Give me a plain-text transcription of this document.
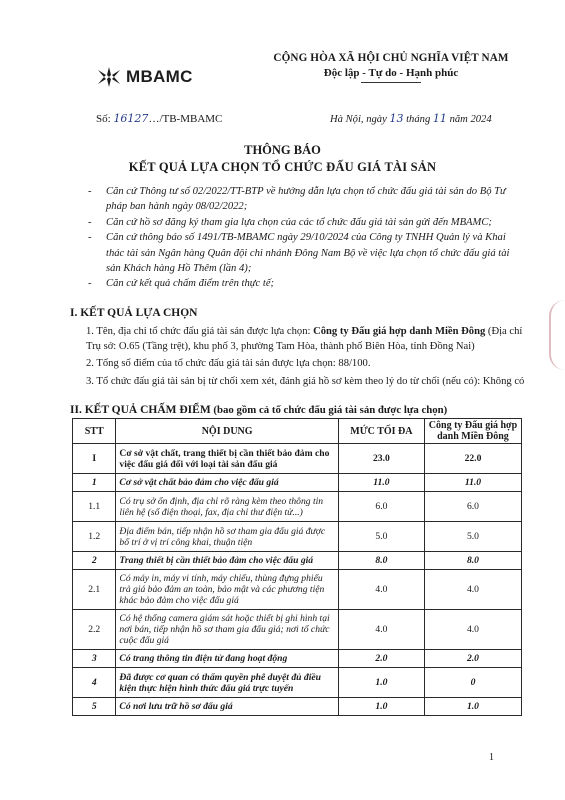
MBAMC
CỘNG HÒA XÃ HỘI CHỦ NGHĨA VIỆT NAM
Độc lập - Tự do - Hạnh phúc
Số: 16127…/TB-MBAMC	Hà Nội, ngày 13 tháng 11 năm 2024
THÔNG BÁO
KẾT QUẢ LỰA CHỌN TỔ CHỨC ĐẤU GIÁ TÀI SẢN
- Căn cứ Thông tư số 02/2022/TT-BTP về hướng dẫn lựa chọn tổ chức đấu giá tài sản do Bộ Tư pháp ban hành ngày 08/02/2022;
- Căn cứ hồ sơ đăng ký tham gia lựa chọn của các tổ chức đấu giá tài sản gửi đến MBAMC;
- Căn cứ thông báo số 1491/TB-MBAMC ngày 29/10/2024 của Công ty TNHH Quản lý và Khai thác tài sản Ngân hàng Quân đội chi nhánh Đông Nam Bộ về việc lựa chọn tổ chức đấu giá tài sản Khách hàng Hồ Thêm (lần 4);
- Căn cứ kết quả chấm điểm trên thực tế;
I. KẾT QUẢ LỰA CHỌN
1. Tên, địa chỉ tổ chức đấu giá tài sản được lựa chọn: Công ty Đấu giá hợp danh Miền Đông (Địa chỉ Trụ sở: O.65 (Tầng trệt), khu phố 3, phường Tam Hòa, thành phố Biên Hòa, tỉnh Đồng Nai)
2. Tổng số điểm của tổ chức đấu giá tài sản được lựa chọn: 88/100.
3. Tổ chức đấu giá tài sản bị từ chối xem xét, đánh giá hồ sơ kèm theo lý do từ chối (nếu có): Không có
II. KẾT QUẢ CHẤM ĐIỂM (bao gồm cả tổ chức đấu giá tài sản được lựa chọn)
STT	NỘI DUNG	MỨC TỐI ĐA	Công ty Đấu giá hợp danh Miền Đông
I	Cơ sở vật chất, trang thiết bị cần thiết bảo đảm cho việc đấu giá đối với loại tài sản đấu giá	23.0	22.0
1	Cơ sở vật chất bảo đảm cho việc đấu giá	11.0	11.0
1.1	Có trụ sở ổn định, địa chỉ rõ ràng kèm theo thông tin liên hệ (số điện thoại, fax, địa chỉ thư điện tử...)	6.0	6.0
1.2	Địa điểm bán, tiếp nhận hồ sơ tham gia đấu giá được bố trí ở vị trí công khai, thuận tiện	5.0	5.0
2	Trang thiết bị cần thiết bảo đảm cho việc đấu giá	8.0	8.0
2.1	Có máy in, máy vi tính, máy chiếu, thùng đựng phiếu trả giá bảo đảm an toàn, bảo mật và các phương tiện khác bảo đảm cho việc đấu giá	4.0	4.0
2.2	Có hệ thống camera giám sát hoặc thiết bị ghi hình tại nơi bán, tiếp nhận hồ sơ tham gia đấu giá; nơi tổ chức cuộc đấu giá	4.0	4.0
3	Có trang thông tin điện tử đang hoạt động	2.0	2.0
4	Đã được cơ quan có thẩm quyền phê duyệt đủ điều kiện thực hiện hình thức đấu giá trực tuyến	1.0	0
5	Có nơi lưu trữ hồ sơ đấu giá	1.0	1.0
1
